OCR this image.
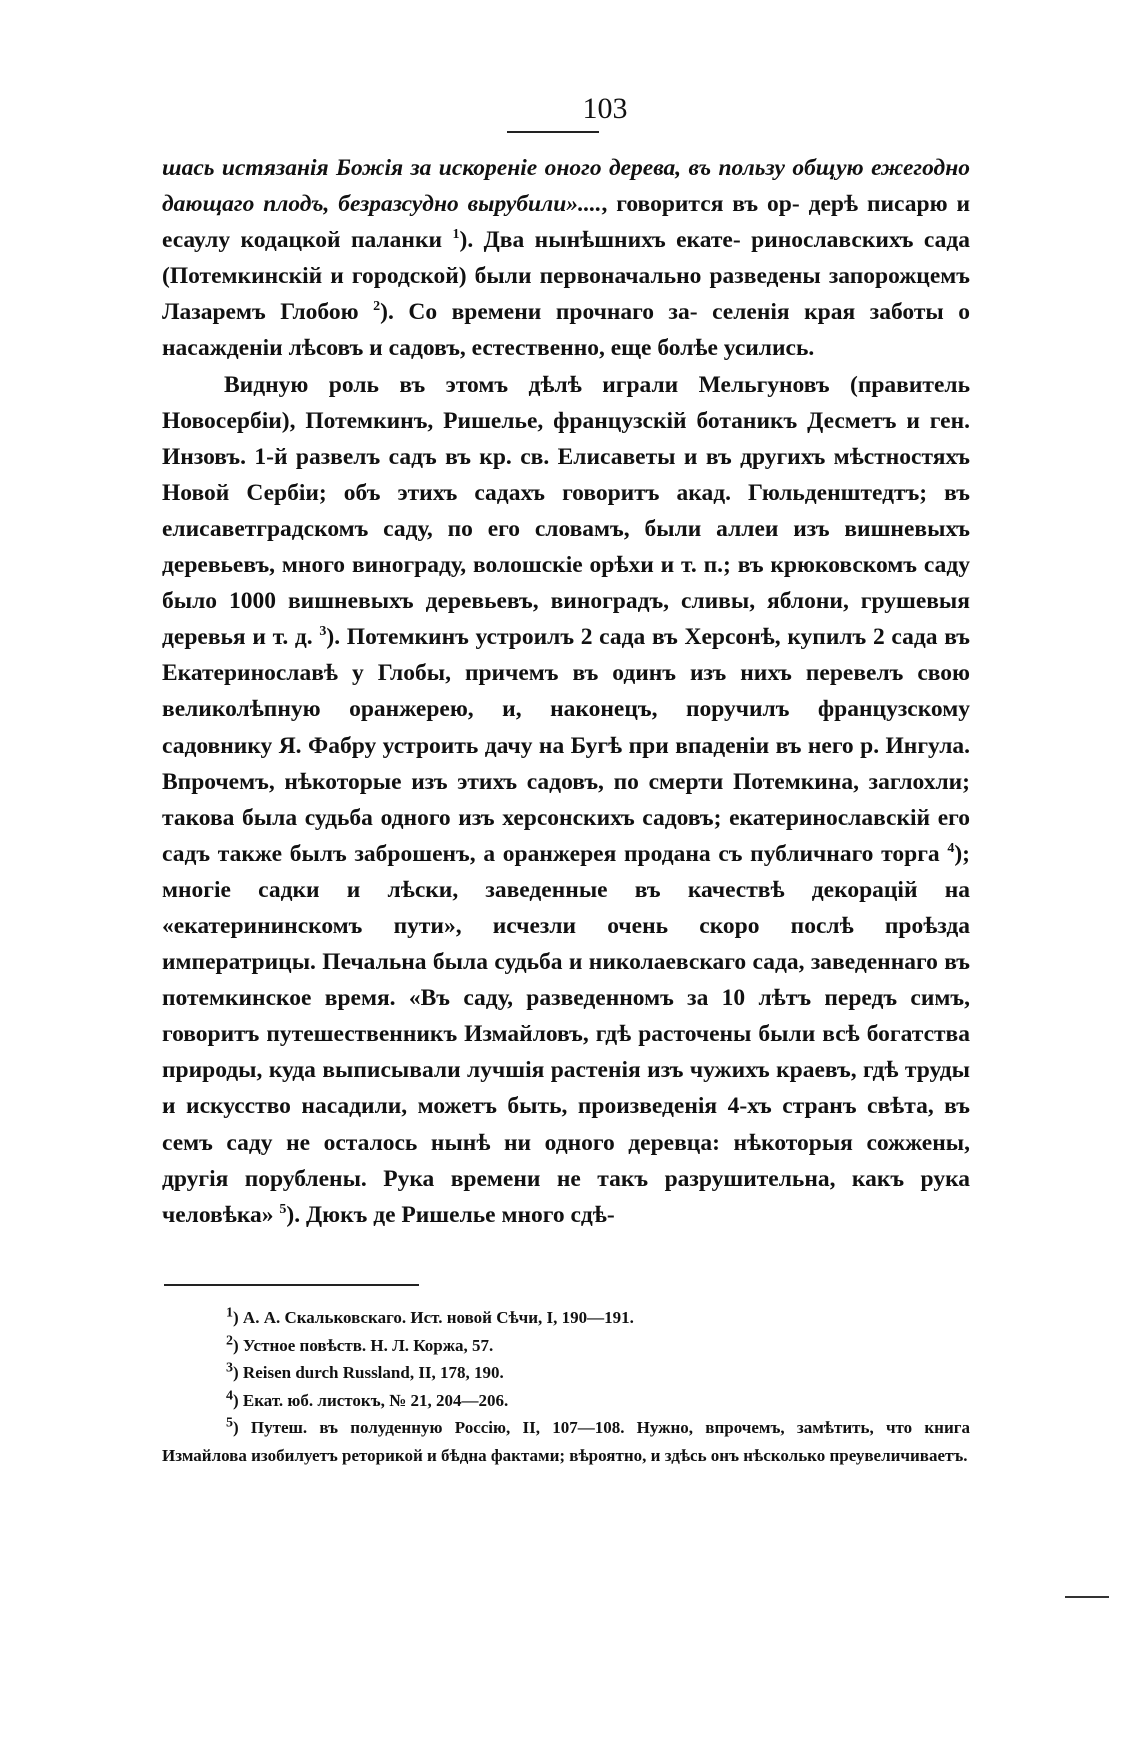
103

шась истязанія Божія за искореніе оного дерева, въ пользу общую ежегодно дающаго плодъ, безразсудно вырубили»...., говорится въ ор- дерѣ писарю и есаулу кодацкой паланки $^1$). Два нынѣшнихъ екате- ринославскихъ сада (Потемкинскій и городской) были первоначально разведены запорожцемъ Лазаремъ Глобою $^2$). Со времени прочнаго за- селенія края заботы о насажденіи лѣсовъ и садовъ, естественно, еще болѣе усились.

Видную роль въ этомъ дѣлѣ играли Мельгуновъ (правитель Новосербіи), Потемкинъ, Ришелье, французскій ботаникъ Десметъ и ген. Инзовъ. 1-й развелъ садъ въ кр. св. Елисаветы и въ другихъ мѣстностяхъ Новой Сербіи; объ этихъ садахъ говоритъ акад. Гюльденштедтъ; въ елисаветградскомъ саду, по его словамъ, были аллеи изъ вишневыхъ деревьевъ, много винограду, волошскіе орѣхи и т. п.; въ крюковскомъ саду было 1000 вишневыхъ деревьевъ, виноградъ, сливы, яблони, грушевыя деревья и т. д. $^3$). Потемкинъ устроилъ 2 сада въ Херсонѣ, купилъ 2 сада въ Екатеринославѣ у Глобы, причемъ въ одинъ изъ нихъ перевелъ свою великолѣпную оранжерею, и, наконецъ, поручилъ французскому садовнику Я. Фабру устроить дачу на Бугѣ при впаденіи въ него р. Ингула. Впрочемъ, нѣкоторые изъ этихъ садовъ, по смерти Потемкина, заглохли; такова была судьба одного изъ херсонскихъ садовъ; екатеринославскій его садъ также былъ заброшенъ, а оранжерея продана съ публичнаго торга $^4$); многіе садки и лѣски, заведенные въ качествѣ декорацій на «екатерининскомъ пути», исчезли очень скоро послѣ проѣзда императрицы. Печальна была судьба и николаевскаго сада, заведеннаго въ потемкинское время. «Въ саду, разведенномъ за 10 лѣтъ передъ симъ, говоритъ путешественникъ Измайловъ, гдѣ расточены были всѣ богатства природы, куда выписывали лучшія растенія изъ чужихъ краевъ, гдѣ труды и искусство насадили, можетъ быть, произведенія 4-хъ странъ свѣта, въ семъ саду не осталось нынѣ ни одного деревца: нѣкоторыя сожжены, другія порублены. Рука времени не такъ разрушительна, какъ рука человѣка» $^5$). Дюкъ де Ришелье много сдѣ-

$^1$) А. А. Скальковскаго. Ист. новой Сѣчи, I, 190—191.

$^2$) Устное повѣств. Н. Л. Коржа, 57.

$^3$) Reisen durch Russland, II, 178, 190.

$^4$) Екат. юб. листокъ, № 21, 204—206.

$^5$) Путеш. въ полуденную Россію, II, 107—108. Нужно, впрочемъ, замѣтить, что книга Измайлова изобилуетъ реторикой и бѣдна фактами; вѣроятно, и здѣсь онъ нѣсколько преувеличиваетъ.
